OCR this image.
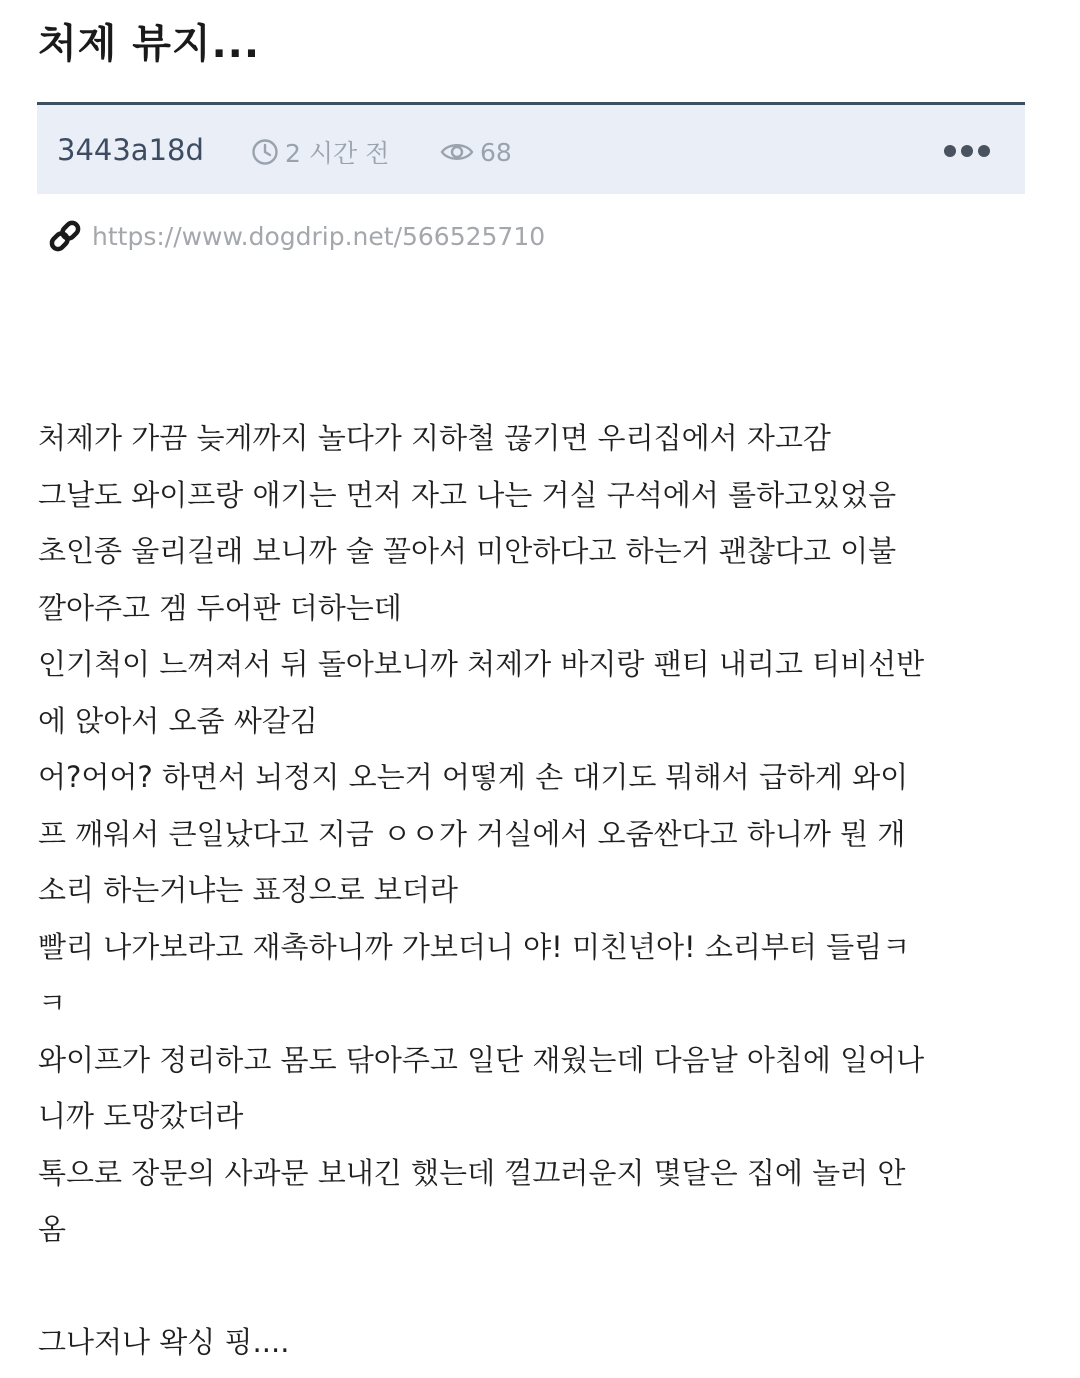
처제 뷰지...
3443a18d	2 시간 전	68
https://www.dogdrip.net/566525710
처제가 가끔 늦게까지 놀다가 지하철 끊기면 우리집에서 자고감
그날도 와이프랑 애기는 먼저 자고 나는 거실 구석에서 롤하고있었음
초인종 울리길래 보니까 술 꼴아서 미안하다고 하는거 괜찮다고 이불
깔아주고 겜 두어판 더하는데
인기척이 느껴져서 뒤 돌아보니까 처제가 바지랑 팬티 내리고 티비선반
에 앉아서 오줌 싸갈김
어?어어? 하면서 뇌정지 오는거 어떻게 손 대기도 뭐해서 급하게 와이
프 깨워서 큰일났다고 지금 ㅇㅇ가 거실에서 오줌싼다고 하니까 뭔 개
소리 하는거냐는 표정으로 보더라
빨리 나가보라고 재촉하니까 가보더니 야! 미친년아! 소리부터 들림ㅋ
ㅋ
와이프가 정리하고 몸도 닦아주고 일단 재웠는데 다음날 아침에 일어나
니까 도망갔더라
톡으로 장문의 사과문 보내긴 했는데 껄끄러운지 몇달은 집에 놀러 안
옴
그나저나 왁싱 핑....
